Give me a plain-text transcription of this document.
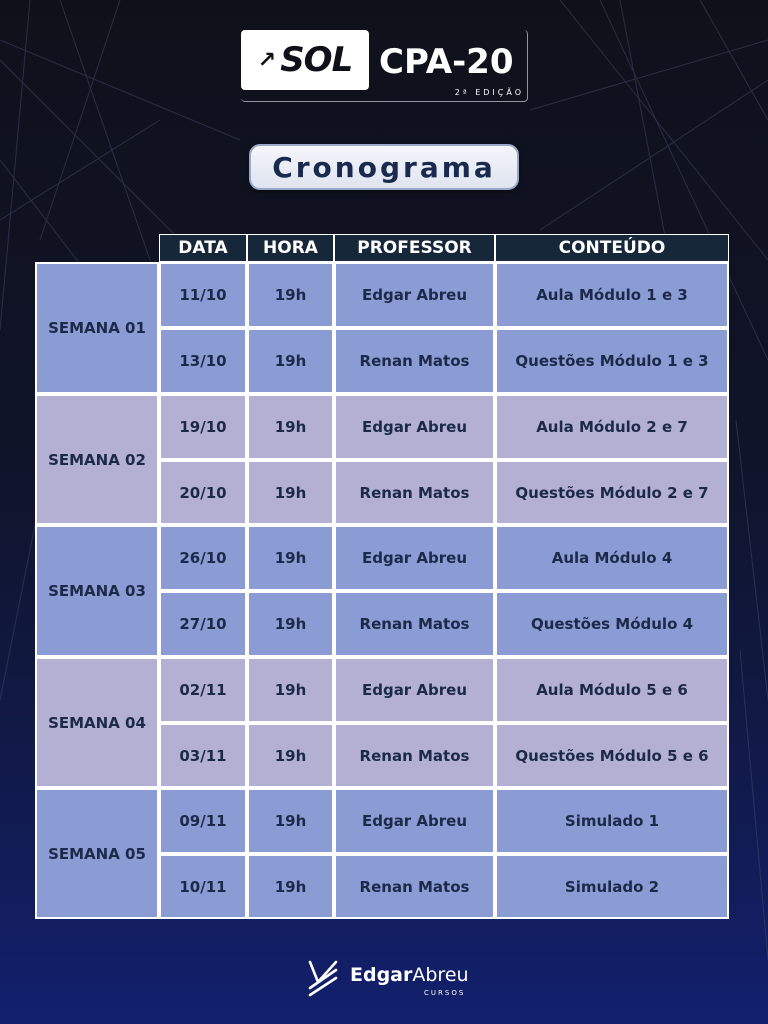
↗ SOL CPA-20
2ª EDIÇÃO
Cronograma
DATA	HORA	PROFESSOR	CONTEÚDO
SEMANA 01
11/10	19h	Edgar Abreu	Aula Módulo 1 e 3
13/10	19h	Renan Matos	Questões Módulo 1 e 3
SEMANA 02
19/10	19h	Edgar Abreu	Aula Módulo 2 e 7
20/10	19h	Renan Matos	Questões Módulo 2 e 7
SEMANA 03
26/10	19h	Edgar Abreu	Aula Módulo 4
27/10	19h	Renan Matos	Questões Módulo 4
SEMANA 04
02/11	19h	Edgar Abreu	Aula Módulo 5 e 6
03/11	19h	Renan Matos	Questões Módulo 5 e 6
SEMANA 05
09/11	19h	Edgar Abreu	Simulado 1
10/11	19h	Renan Matos	Simulado 2
EdgarAbreu
CURSOS
